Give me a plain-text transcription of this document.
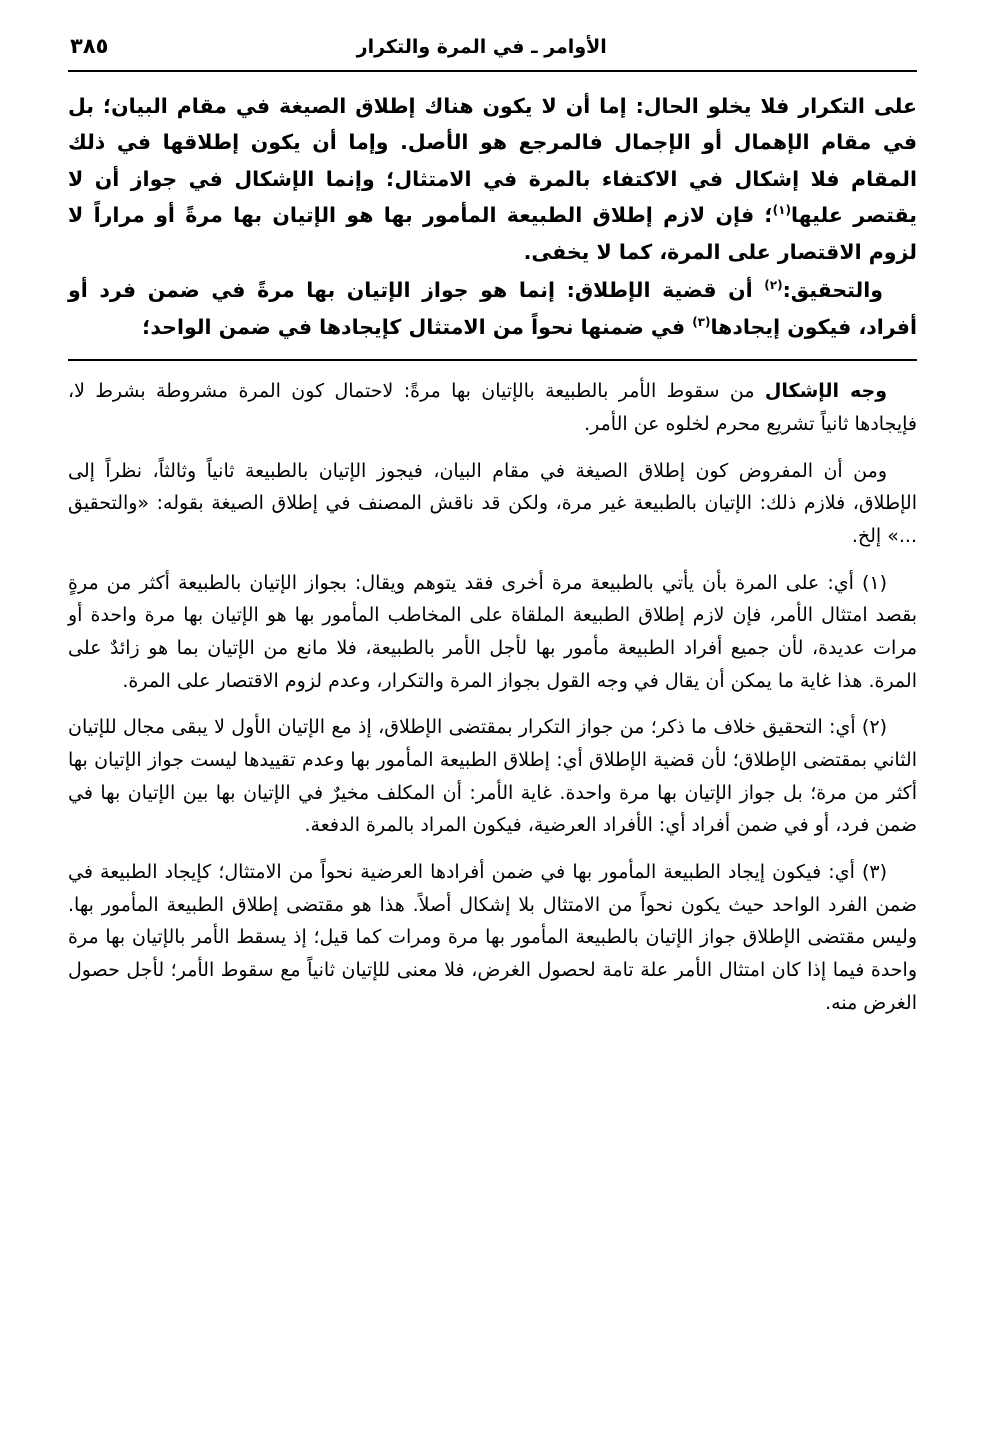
٣٨٥	الأوامر ـ في المرة والتكرار

على التكرار فلا يخلو الحال: إما أن لا يكون هناك إطلاق الصيغة في مقام البيان؛ بل في مقام الإهمال أو الإجمال فالمرجع هو الأصل. وإما أن يكون إطلاقها في ذلك المقام فلا إشكال في الاكتفاء بالمرة في الامتثال؛ وإنما الإشكال في جواز أن لا يقتصر عليها$^{(١)}$؛ فإن لازم إطلاق الطبيعة المأمور بها هو الإتيان بها مرةً أو مراراً لا لزوم الاقتصار على المرة، كما لا يخفى.

والتحقيق:$^{(٢)}$ أن قضية الإطلاق: إنما هو جواز الإتيان بها مرةً في ضمن فرد أو أفراد، فيكون إيجادها$^{(٣)}$ في ضمنها نحواً من الامتثال كإيجادها في ضمن الواحد؛

وجه الإشكال من سقوط الأمر بالطبيعة بالإتيان بها مرةً: لاحتمال كون المرة مشروطة بشرط لا، فإيجادها ثانياً تشريع محرم لخلوه عن الأمر.

ومن أن المفروض كون إطلاق الصيغة في مقام البيان، فيجوز الإتيان بالطبيعة ثانياً وثالثاً، نظراً إلى الإطلاق، فلازم ذلك: الإتيان بالطبيعة غير مرة، ولكن قد ناقش المصنف في إطلاق الصيغة بقوله: «والتحقيق ...» إلخ.

(١) أي: على المرة بأن يأتي بالطبيعة مرة أخرى فقد يتوهم ويقال: بجواز الإتيان بالطبيعة أكثر من مرةٍ بقصد امتثال الأمر، فإن لازم إطلاق الطبيعة الملقاة على المخاطب المأمور بها هو الإتيان بها مرة واحدة أو مرات عديدة، لأن جميع أفراد الطبيعة مأمور بها لأجل الأمر بالطبيعة، فلا مانع من الإتيان بما هو زائدٌ على المرة. هذا غاية ما يمكن أن يقال في وجه القول بجواز المرة والتكرار، وعدم لزوم الاقتصار على المرة.

(٢) أي: التحقيق خلاف ما ذكر؛ من جواز التكرار بمقتضى الإطلاق، إذ مع الإتيان الأول لا يبقى مجال للإتيان الثاني بمقتضى الإطلاق؛ لأن قضية الإطلاق أي: إطلاق الطبيعة المأمور بها وعدم تقييدها ليست جواز الإتيان بها أكثر من مرة؛ بل جواز الإتيان بها مرة واحدة. غاية الأمر: أن المكلف مخيرٌ في الإتيان بها بين الإتيان بها في ضمن فرد، أو في ضمن أفراد أي: الأفراد العرضية، فيكون المراد بالمرة الدفعة.

(٣) أي: فيكون إيجاد الطبيعة المأمور بها في ضمن أفرادها العرضية نحواً من الامتثال؛ كإيجاد الطبيعة في ضمن الفرد الواحد حيث يكون نحواً من الامتثال بلا إشكال أصلاً. هذا هو مقتضى إطلاق الطبيعة المأمور بها. وليس مقتضى الإطلاق جواز الإتيان بالطبيعة المأمور بها مرة ومرات كما قيل؛ إذ يسقط الأمر بالإتيان بها مرة واحدة فيما إذا كان امتثال الأمر علة تامة لحصول الغرض، فلا معنى للإتيان ثانياً مع سقوط الأمر؛ لأجل حصول الغرض منه.
